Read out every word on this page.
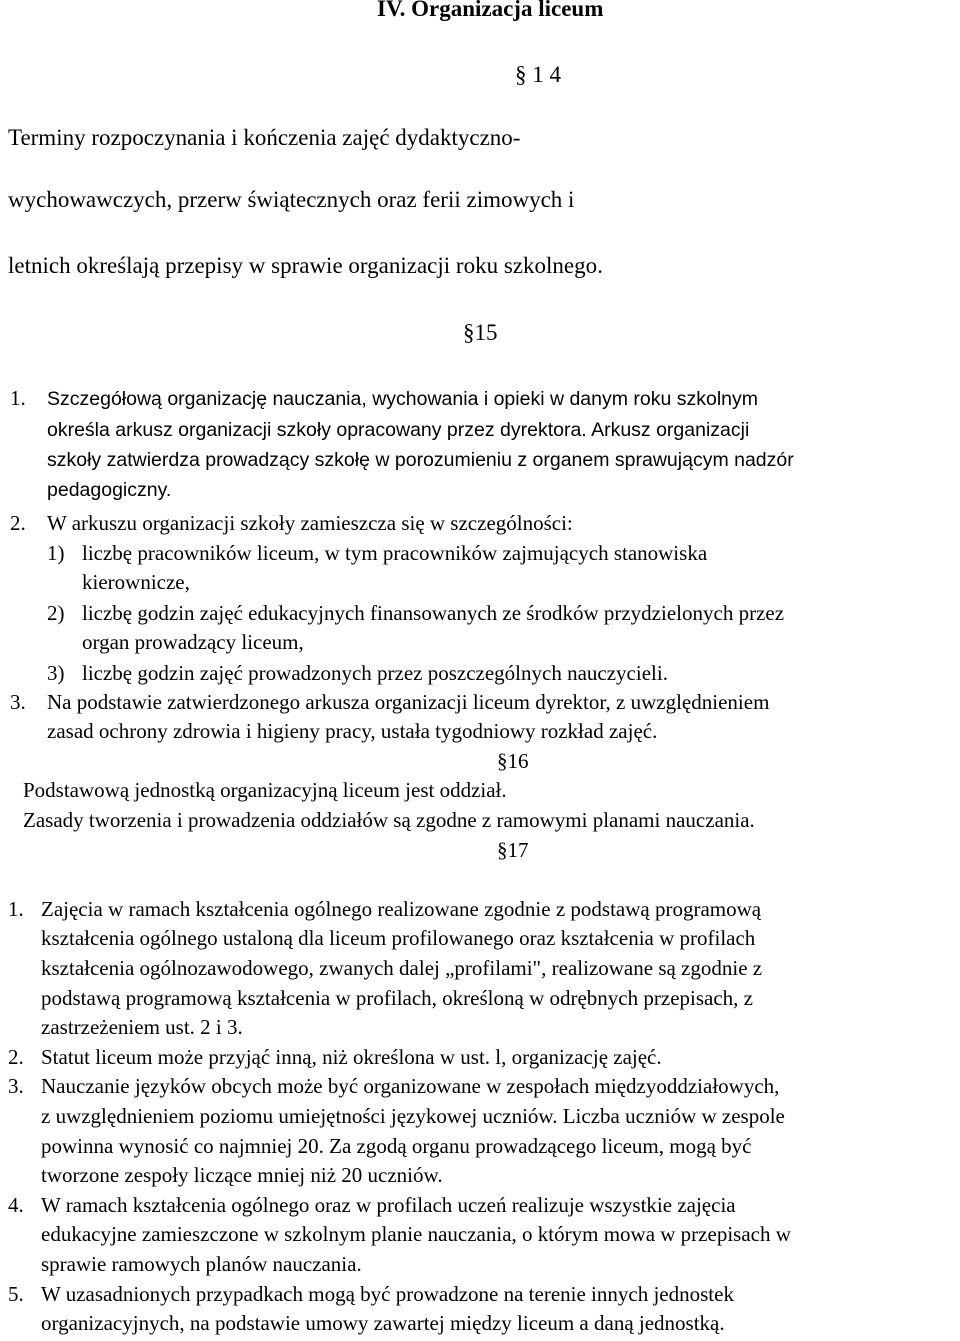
IV. Organizacja liceum
§ 1 4
Terminy rozpoczynania i kończenia zajęć dydaktyczno-
wychowawczych, przerw świątecznych oraz ferii zimowych i
letnich określają przepisy w sprawie organizacji roku szkolnego.
§15
1. Szczegółową organizację nauczania, wychowania i opieki w danym roku szkolnym
określa arkusz organizacji szkoły opracowany przez dyrektora. Arkusz organizacji
szkoły zatwierdza prowadzący szkołę w porozumieniu z organem sprawującym nadzór
pedagogiczny.
2. W arkuszu organizacji szkoły zamieszcza się w szczególności:
1) liczbę pracowników liceum, w tym pracowników zajmujących stanowiska
kierownicze,
2) liczbę godzin zajęć edukacyjnych finansowanych ze środków przydzielonych przez
organ prowadzący liceum,
3) liczbę godzin zajęć prowadzonych przez poszczególnych nauczycieli.
3. Na podstawie zatwierdzonego arkusza organizacji liceum dyrektor, z uwzględnieniem
zasad ochrony zdrowia i higieny pracy, ustała tygodniowy rozkład zajęć.
§16
Podstawową jednostką organizacyjną liceum jest oddział.
Zasady tworzenia i prowadzenia oddziałów są zgodne z ramowymi planami nauczania.
§17
1. Zajęcia w ramach kształcenia ogólnego realizowane zgodnie z podstawą programową
kształcenia ogólnego ustaloną dla liceum profilowanego oraz kształcenia w profilach
kształcenia ogólnozawodowego, zwanych dalej „profilami", realizowane są zgodnie z
podstawą programową kształcenia w profilach, określoną w odrębnych przepisach, z
zastrzeżeniem ust. 2 i 3.
2. Statut liceum może przyjąć inną, niż określona w ust. l, organizację zajęć.
3. Nauczanie języków obcych może być organizowane w zespołach międzyoddziałowych,
z uwzględnieniem poziomu umiejętności językowej uczniów. Liczba uczniów w zespole
powinna wynosić co najmniej 20. Za zgodą organu prowadzącego liceum, mogą być
tworzone zespoły liczące mniej niż 20 uczniów.
4. W ramach kształcenia ogólnego oraz w profilach uczeń realizuje wszystkie zajęcia
edukacyjne zamieszczone w szkolnym planie nauczania, o którym mowa w przepisach w
sprawie ramowych planów nauczania.
5. W uzasadnionych przypadkach mogą być prowadzone na terenie innych jednostek
organizacyjnych, na podstawie umowy zawartej między liceum a daną jednostką.
